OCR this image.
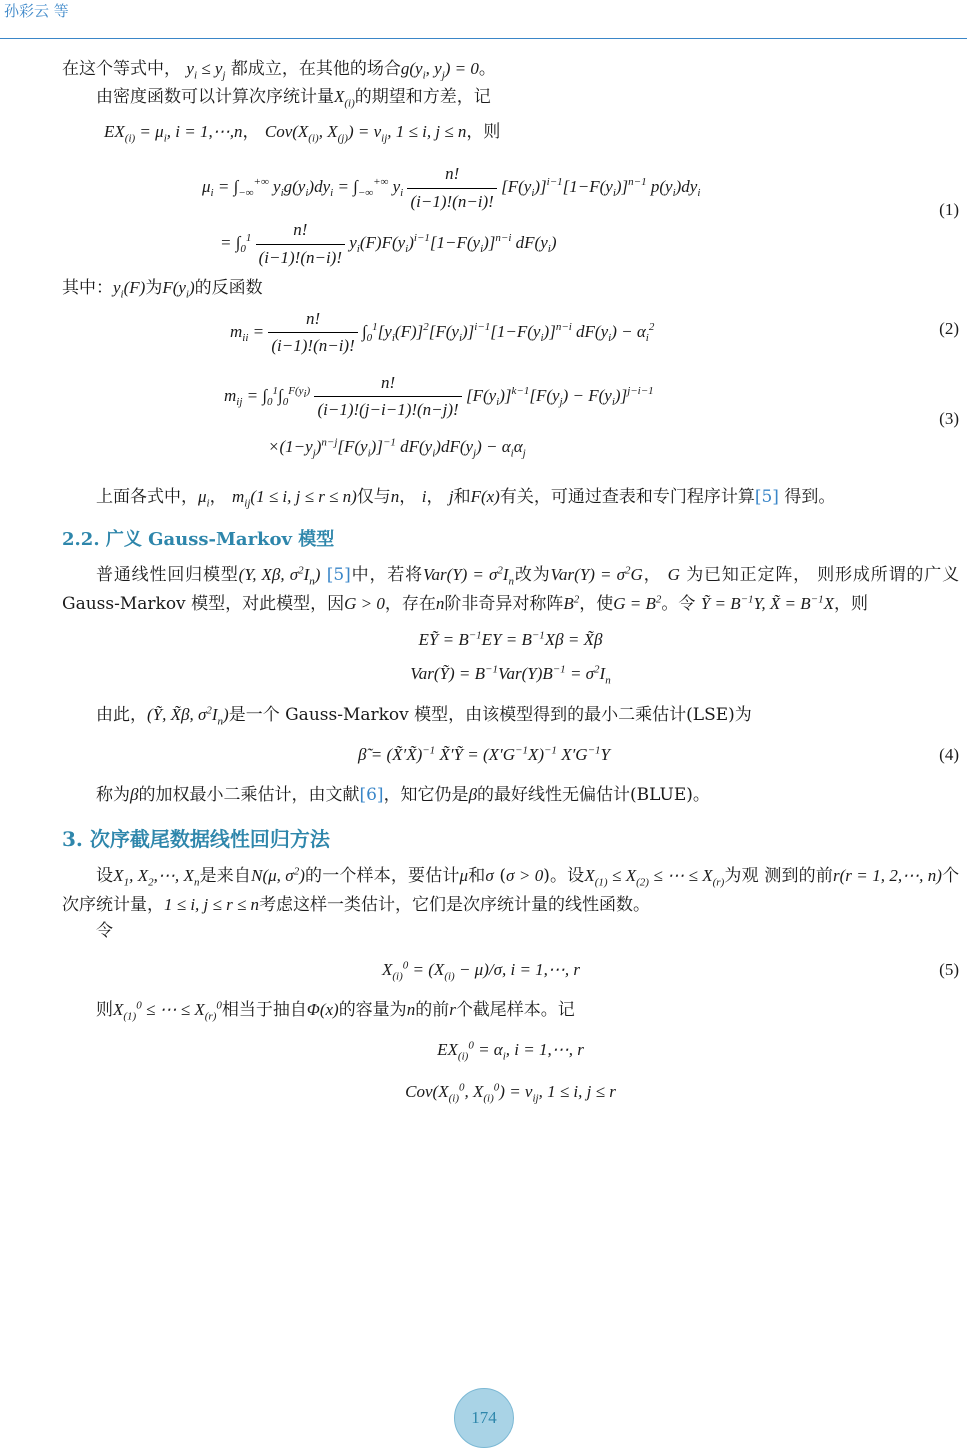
孙彩云 等

在这个等式中， $y_i \le y_j$ 都成立，在其他的场合$g(y_i$, $y_j) = 0$。

由密度函数可以计算次序统计量$X_{(i)}$的期望和方差，记

$EX_{(i)} = \mu_i$, i = 1,⋯,n， $Cov(X_{(i)}$, $X_{(j)}) = v_{ij}$, 1 ≤ i, j ≤ n，则

$\mu_i = \int_{-\infty}^{+\infty}$ $y_ig(y_i)dy_i = \int_{-\infty}^{+\infty}$ $y_i \frac{n!}{(i-1)!(n-i)!} [F(y_i)]^{i-1}[1-F(y_i)]^{n-1}$ $p(y_i)dy_i$
= $\int_0^1 \frac{n!}{(i-1)!(n-i)!} y_i(F)F(y_i)^{i-1}[1-F(y_i)]^{n-i}$ $dF(y_i)$
(1)

其中：$y_i(F)$为$F(y_i)$的反函数

$m_{ii} = \frac{n!}{(i-1)!(n-i)!} \int_0^1[y_i(F)]^2[F(y_i)]^{i-1}[1-F(y_i)]^{n-i}$ $dF(y_i) - \alpha_i^2$	(2)
$m_{ij} = \int_0^1\int_0^{F(y_i)} \frac{n!}{(i-1)!(j-i-1)!(n-j)!} [F(y_i)]^{k-1}[F(y_j) - F(y_i)]^{j-i-1}$
$\times(1-y_j)^{n-j}[F(y_i)]^{-1}$ $dF(y_i)dF(y_j) - \alpha_i\alpha_j$
(3)

上面各式中，$\mu_i$， $m_{ij}(1 \le i$, j ≤ r ≤ n)仅与n， i， j和F(x)有关，可通过查表和专门程序计算[5] 得到。

2.2. 广义 Gauss-Markov 模型

普通线性回归模型(Y, Xβ, $\sigma^2I_n$) [5]中，若将$Var(Y) = \sigma^2I_n$改为$Var(Y) = \sigma^2G$， G 为已知正定阵， 则形成所谓的广义 Gauss-Markov 模型，对此模型，因G > 0，存在n阶非奇异对称阵$B^2$，使$G = B^2$。令 Ỹ = $B^{-1}Y$, X̃ = $B^{-1}X$，则

EỸ = $B^{-1}EY = B^{-1}X\beta$ = X̃β
Var(Ỹ) = $B^{-1}Var(Y)B^{-1} = \sigma^2I_n$

由此，(Ỹ, X̃β, $\sigma^2I_n$)是一个 Gauss-Markov 模型，由该模型得到的最小二乘估计(LSE)为

β̃ = (X̃′X̃)$^{-1}$ X̃′Ỹ = $(X'G^{-1}X)^{-1}$ $X'G^{-1}Y$	(4)

称为β的加权最小二乘估计，由文献[6]，知它仍是β的最好线性无偏估计(BLUE)。

3. 次序截尾数据线性回归方法

设$X_1$, $X_2,\cdots$, $X_n$是来自N(μ, $\sigma^2$)的一个样本，要估计μ和σ (σ > 0)。设$X_{(1)} \le X_{(2)}$ ≤ ⋯ ≤ $X_{(r)}$为观 测到的前r(r = 1, 2,⋯, n)个次序统计量，1 ≤ i, j ≤ r ≤ n考虑这样一类估计，它们是次序统计量的线性函数。

令

$X_{(i)}^0 = (X_{(i)} - \mu)/\sigma$, i = 1,⋯, r	(5)

则$X_{(1)}^0$ ≤ ⋯ ≤ $X_{(r)}^0$相当于抽自Φ(x)的容量为n的前r个截尾样本。记

$EX_{(i)}^0 = \alpha_i$, i = 1,⋯, r
$Cov(X_{(i)}^0$, $X_{(i)}^0) = v_{ij}$, 1 ≤ i, j ≤ r
174
